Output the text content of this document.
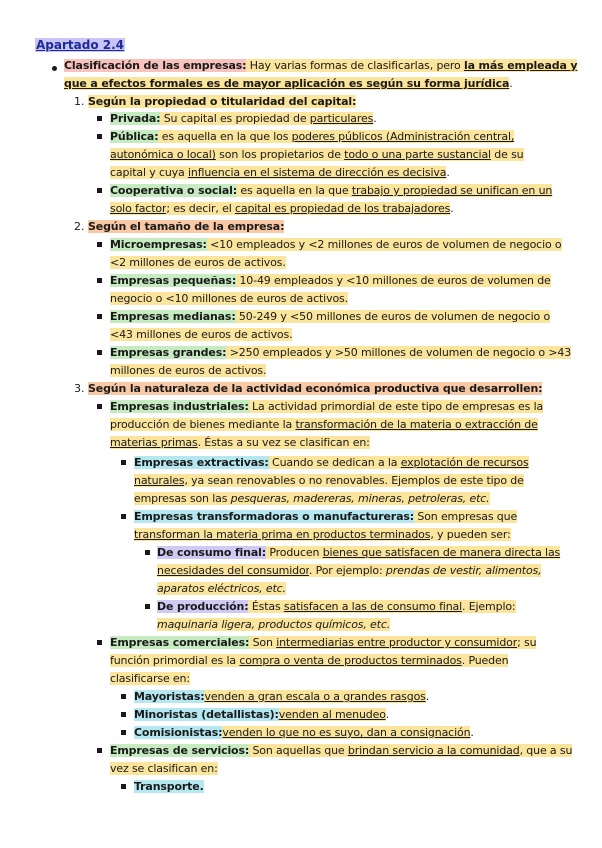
Apartado 2.4
Clasificación de las empresas: Hay varias formas de clasificarlas, pero la más empleada y
que a efectos formales es de mayor aplicación es según su forma jurídica.
1. Según la propiedad o titularidad del capital:
Privada: Su capital es propiedad de particulares.
Pública: es aquella en la que los poderes públicos (Administración central,
autonómica o local) son los propietarios de todo o una parte sustancial de su
capital y cuya influencia en el sistema de dirección es decisiva.
Cooperativa o social: es aquella en la que trabajo y propiedad se unifican en un
solo factor; es decir, el capital es propiedad de los trabajadores.
2. Según el tamaño de la empresa:
Microempresas: <10 empleados y <2 millones de euros de volumen de negocio o
<2 millones de euros de activos.
Empresas pequeñas: 10-49 empleados y <10 millones de euros de volumen de
negocio o <10 millones de euros de activos.
Empresas medianas: 50-249 y <50 millones de euros de volumen de negocio o
<43 millones de euros de activos.
Empresas grandes: >250 empleados y >50 millones de volumen de negocio o >43
millones de euros de activos.
3. Según la naturaleza de la actividad económica productiva que desarrollen:
Empresas industriales: La actividad primordial de este tipo de empresas es la
producción de bienes mediante la transformación de la materia o extracción de
materias primas. Éstas a su vez se clasifican en:
Empresas extractivas: Cuando se dedican a la explotación de recursos
naturales, ya sean renovables o no renovables. Ejemplos de este tipo de
empresas son las pesqueras, madereras, mineras, petroleras, etc.
Empresas transformadoras o manufactureras: Son empresas que
transforman la materia prima en productos terminados, y pueden ser:
De consumo final: Producen bienes que satisfacen de manera directa las
necesidades del consumidor. Por ejemplo: prendas de vestir, alimentos,
aparatos eléctricos, etc.
De producción: Éstas satisfacen a las de consumo final. Ejemplo:
maquinaria ligera, productos químicos, etc.
Empresas comerciales: Son intermediarias entre productor y consumidor; su
función primordial es la compra o venta de productos terminados. Pueden
clasificarse en:
Mayoristas:venden a gran escala o a grandes rasgos.
Minoristas (detallistas):venden al menudeo.
Comisionistas:venden lo que no es suyo, dan a consignación.
Empresas de servicios: Son aquellas que brindan servicio a la comunidad, que a su
vez se clasifican en:
Transporte.
